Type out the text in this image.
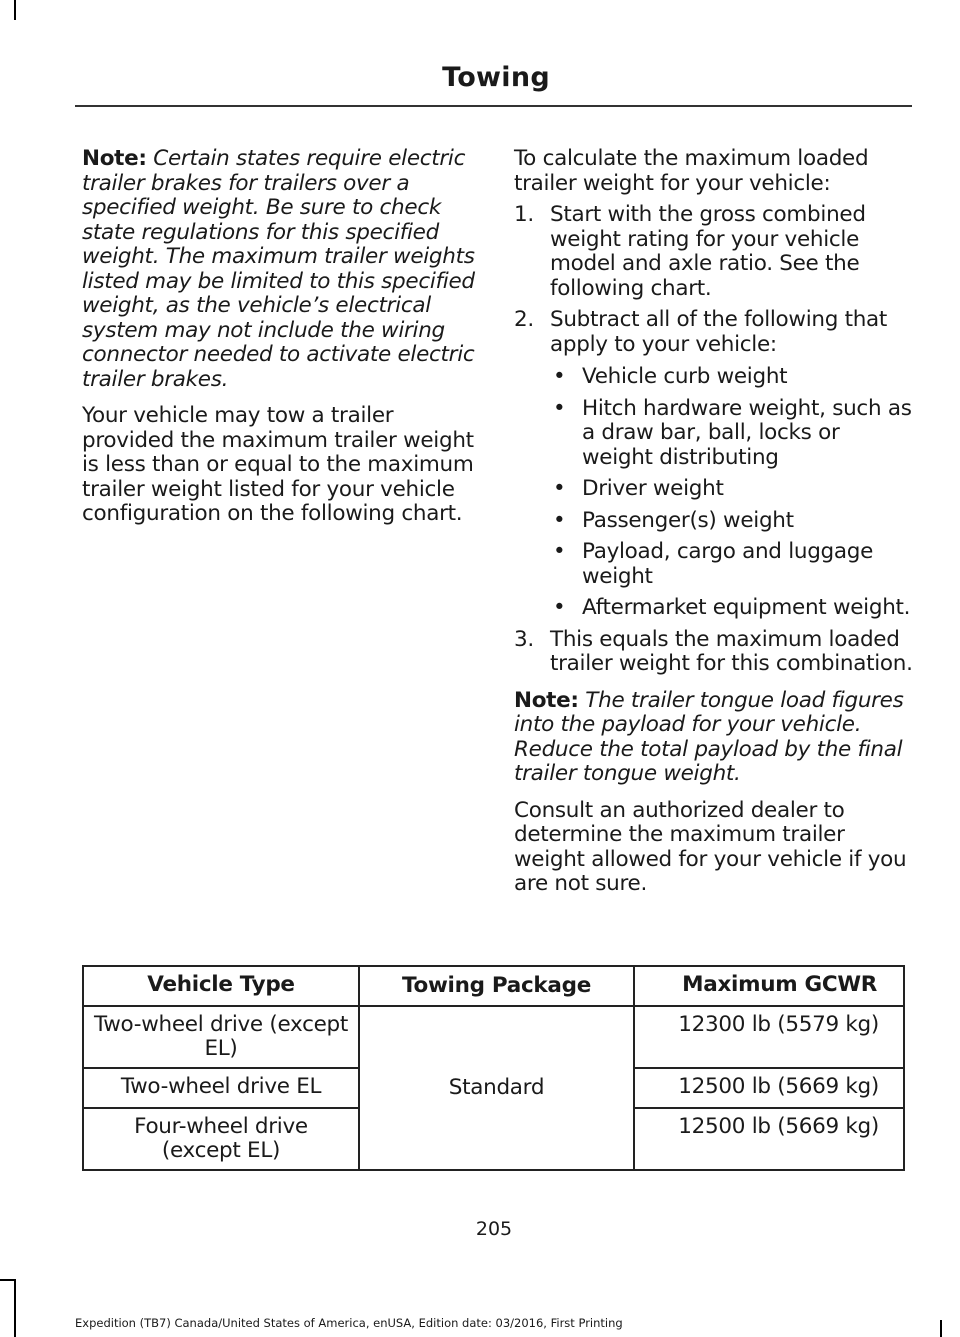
Towing

Note: Certain states require electric trailer brakes for trailers over a specified weight. Be sure to check state regulations for this specified weight. The maximum trailer weights listed may be limited to this specified weight, as the vehicle’s electrical system may not include the wiring connector needed to activate electric trailer brakes.

Your vehicle may tow a trailer provided the maximum trailer weight is less than or equal to the maximum trailer weight listed for your vehicle configuration on the following chart.

To calculate the maximum loaded trailer weight for your vehicle:

1. Start with the gross combined weight rating for your vehicle model and axle ratio. See the following chart.
2. Subtract all of the following that apply to your vehicle:
• Vehicle curb weight
• Hitch hardware weight, such as a draw bar, ball, locks or weight distributing
• Driver weight
• Passenger(s) weight
• Payload, cargo and luggage weight
• Aftermarket equipment weight.
3. This equals the maximum loaded trailer weight for this combination.

Note: The trailer tongue load figures into the payload for your vehicle. Reduce the total payload by the final trailer tongue weight.

Consult an authorized dealer to determine the maximum trailer weight allowed for your vehicle if you are not sure.

Vehicle Type	Towing Package	Maximum GCWR
Two-wheel drive (except EL)	Standard	12300 lb (5579 kg)
Two-wheel drive EL		12500 lb (5669 kg)
Four-wheel drive (except EL)		12500 lb (5669 kg)
205
Expedition (TB7) Canada/United States of America, enUSA, Edition date: 03/2016, First Printing
